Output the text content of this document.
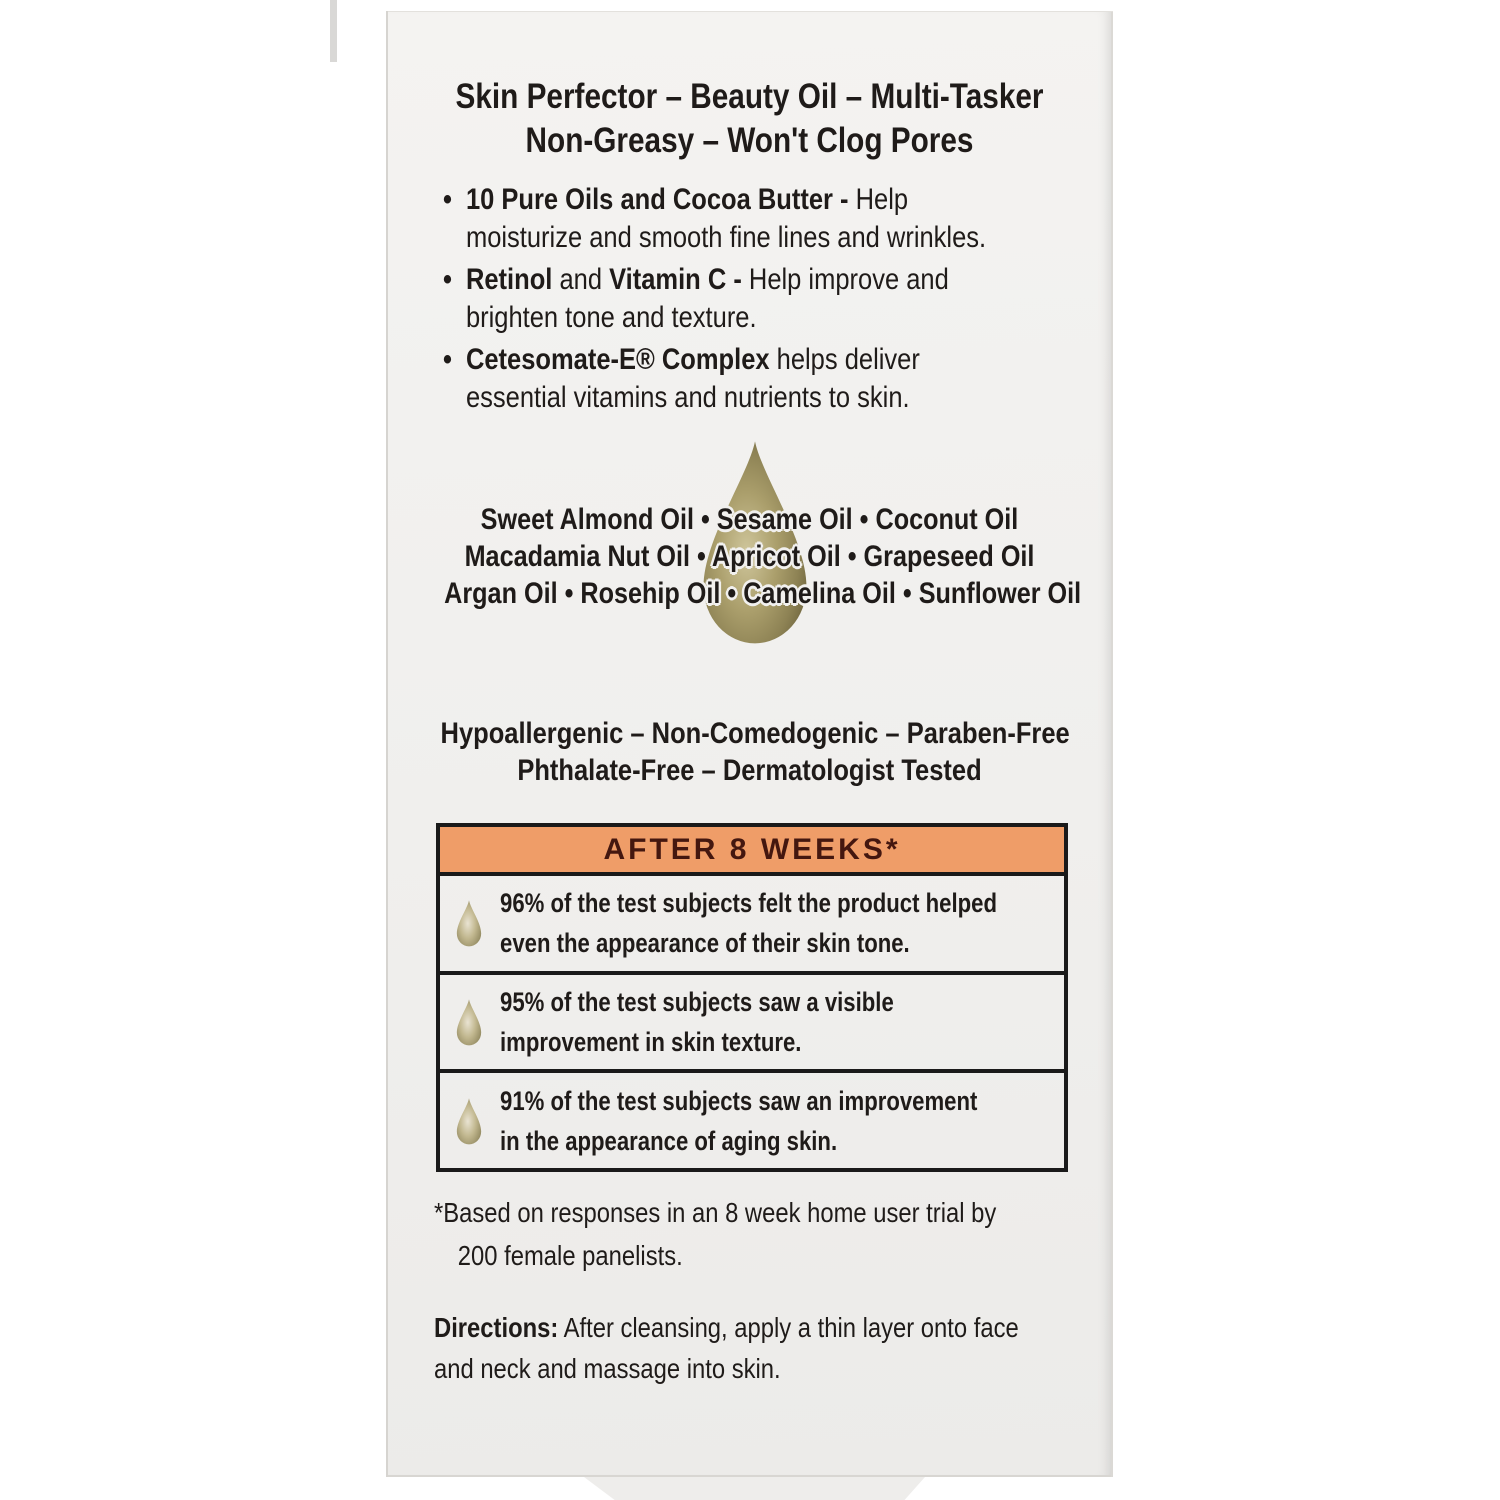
Skin Perfector – Beauty Oil – Multi-Tasker
Non-Greasy – Won't Clog Pores
• 10 Pure Oils and Cocoa Butter - Help
moisturize and smooth fine lines and wrinkles.
• Retinol and Vitamin C - Help improve and
brighten tone and texture.
• Cetesomate-E® Complex helps deliver
essential vitamins and nutrients to skin.
Sweet Almond Oil • Sesame Oil • Coconut Oil
Macadamia Nut Oil • Apricot Oil • Grapeseed Oil
Argan Oil • Rosehip Oil • Camelina Oil • Sunflower Oil
Hypoallergenic – Non-Comedogenic – Paraben-Free
Phthalate-Free – Dermatologist Tested
AFTER 8 WEEKS*
96% of the test subjects felt the product helped
even the appearance of their skin tone.
95% of the test subjects saw a visible
improvement in skin texture.
91% of the test subjects saw an improvement
in the appearance of aging skin.
*Based on responses in an 8 week home user trial by
200 female panelists.
Directions: After cleansing, apply a thin layer onto face
and neck and massage into skin.
